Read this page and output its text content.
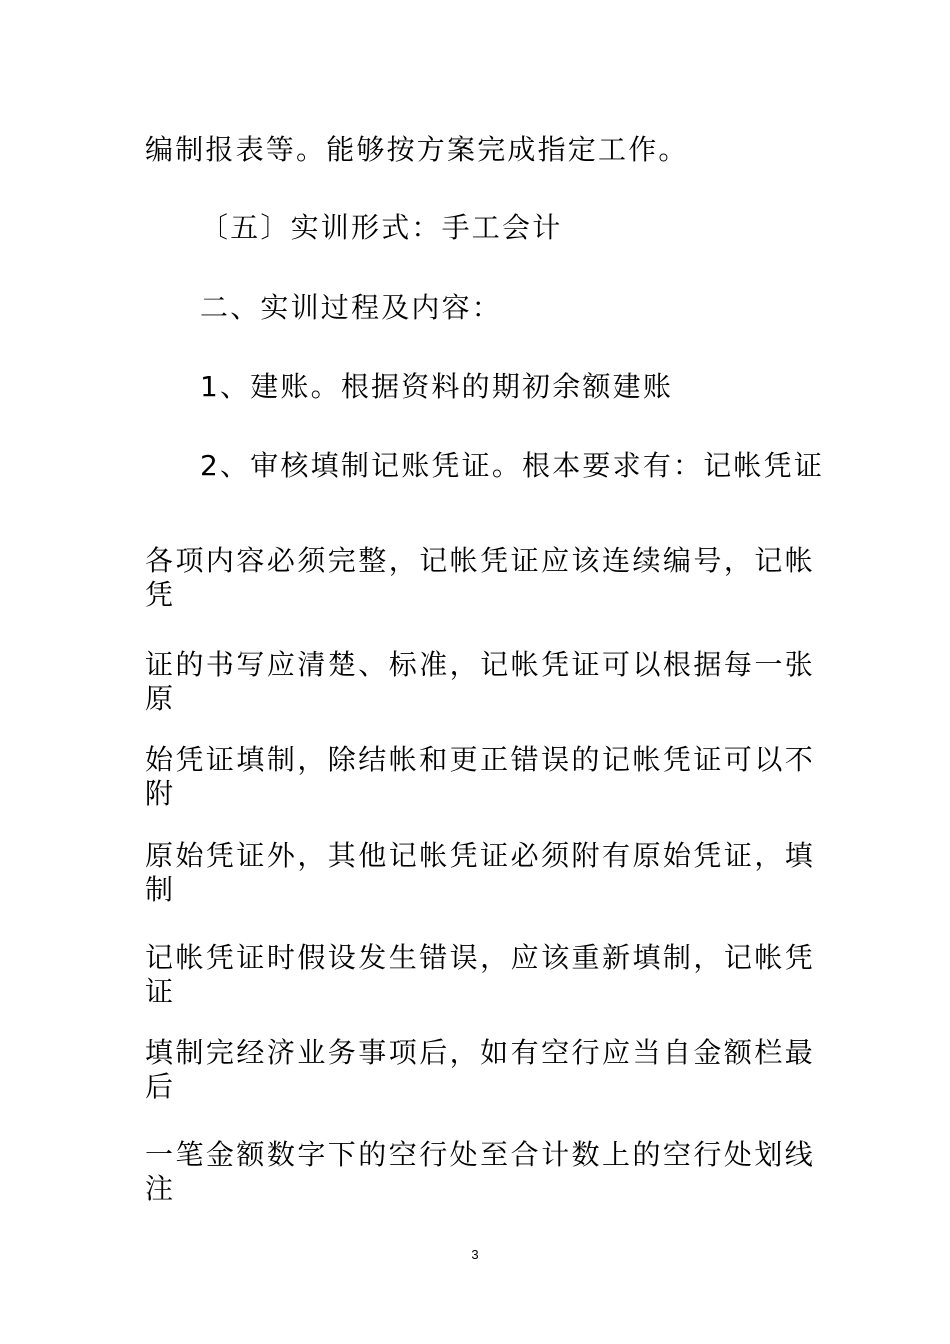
编制报表等。能够按方案完成指定工作。
〔五〕实训形式：手工会计
二、实训过程及内容：
1、建账。根据资料的期初余额建账
2、审核填制记账凭证。根本要求有：记帐凭证
各项内容必须完整，记帐凭证应该连续编号，记帐凭
证的书写应清楚、标准，记帐凭证可以根据每一张原
始凭证填制，除结帐和更正错误的记帐凭证可以不附
原始凭证外，其他记帐凭证必须附有原始凭证，填制
记帐凭证时假设发生错误，应该重新填制，记帐凭证
填制完经济业务事项后，如有空行应当自金额栏最后
一笔金额数字下的空行处至合计数上的空行处划线注
3
